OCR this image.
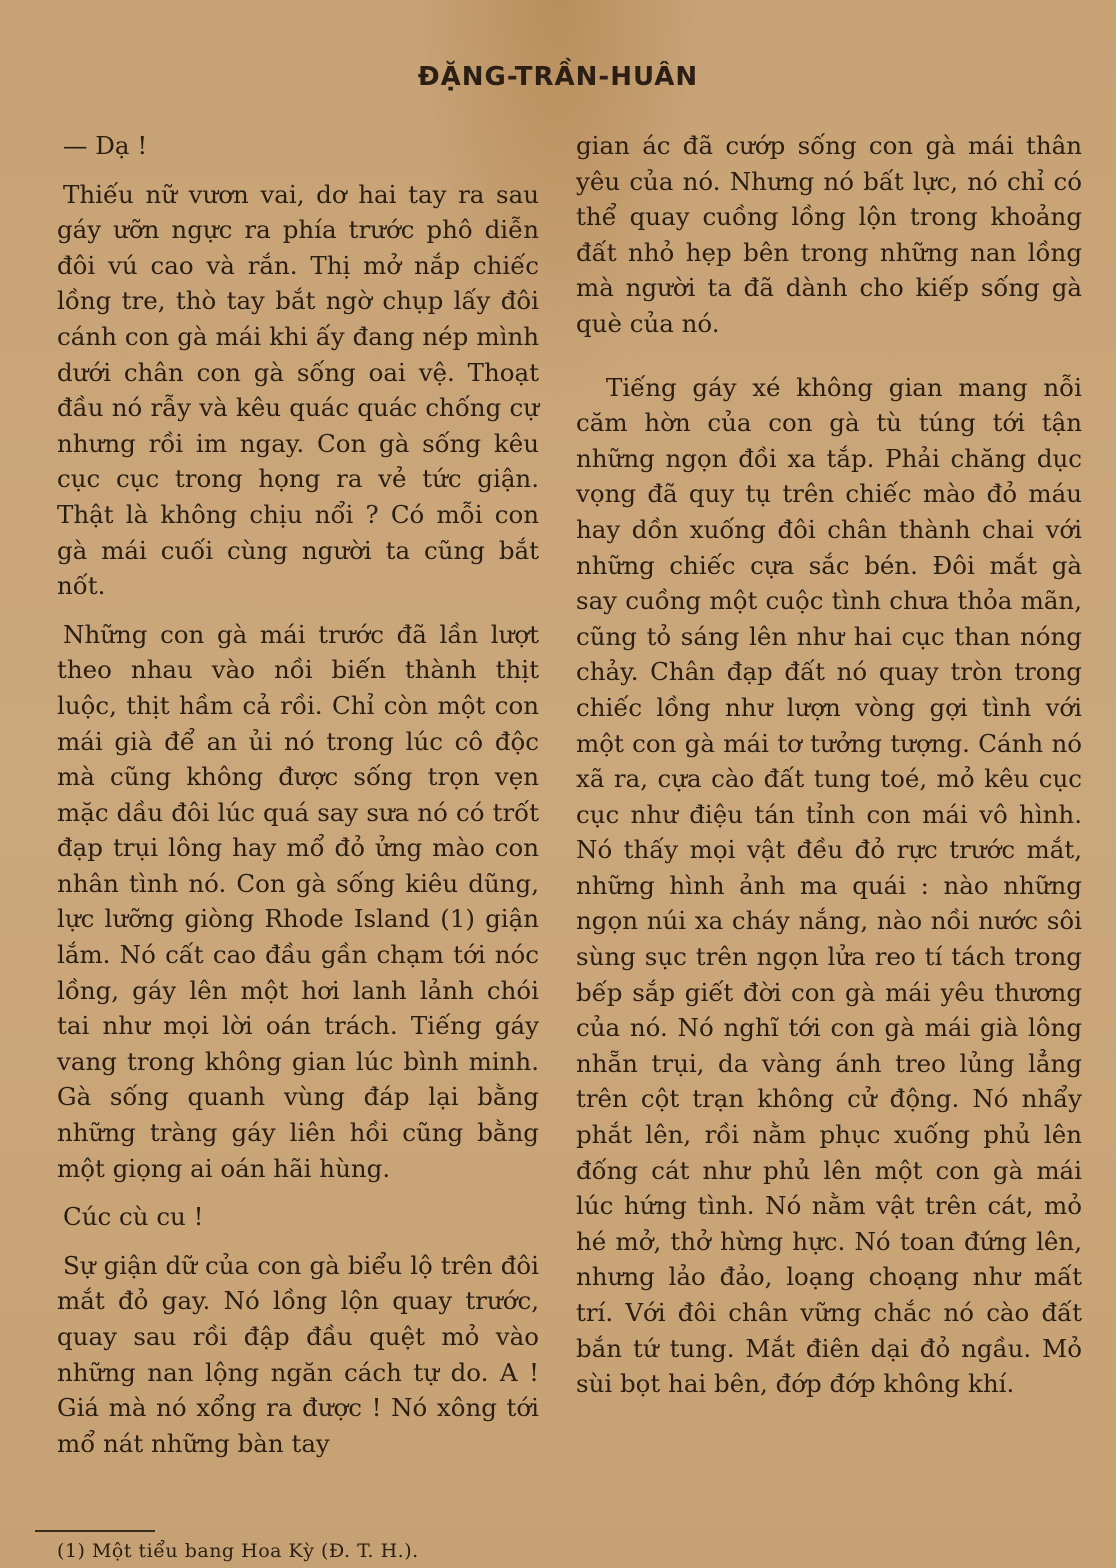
ĐẶNG-TRẦN-HUÂN

— Dạ !

Thiếu nữ vươn vai, dơ hai tay ra sau gáy ưỡn ngực ra phía trước phô diễn đôi vú cao và rắn. Thị mở nắp chiếc lồng tre, thò tay bắt ngờ chụp lấy đôi cánh con gà mái khi ấy đang nép mình dưới chân con gà sống oai vệ. Thoạt đầu nó rẫy và kêu quác quác chống cự nhưng rồi im ngay. Con gà sống kêu cục cục trong họng ra vẻ tức giận. Thật là không chịu nổi ? Có mỗi con gà mái cuối cùng người ta cũng bắt nốt.

Những con gà mái trước đã lần lượt theo nhau vào nồi biến thành thịt luộc, thịt hầm cả rồi. Chỉ còn một con mái già để an ủi nó trong lúc cô độc mà cũng không được sống trọn vẹn mặc dầu đôi lúc quá say sưa nó có trốt đạp trụi lông hay mổ đỏ ửng mào con nhân tình nó. Con gà sống kiêu dũng, lực lưỡng giòng Rhode Island (1) giận lắm. Nó cất cao đầu gần chạm tới nóc lồng, gáy lên một hơi lanh lảnh chói tai như mọi lời oán trách. Tiếng gáy vang trong không gian lúc bình minh. Gà sống quanh vùng đáp lại bằng những tràng gáy liên hồi cũng bằng một giọng ai oán hãi hùng.

Cúc cù cu !

Sự giận dữ của con gà biểu lộ trên đôi mắt đỏ gay. Nó lồng lộn quay trước, quay sau rồi đập đầu quệt mỏ vào những nan lộng ngăn cách tự do. A ! Giá mà nó xổng ra được ! Nó xông tới mổ nát những bàn tay

gian ác đã cướp sống con gà mái thân yêu của nó. Nhưng nó bất lực, nó chỉ có thể quay cuồng lồng lộn trong khoảng đất nhỏ hẹp bên trong những nan lồng mà người ta đã dành cho kiếp sống gà què của nó.

Tiếng gáy xé không gian mang nỗi căm hờn của con gà tù túng tới tận những ngọn đồi xa tắp. Phải chăng dục vọng đã quy tụ trên chiếc mào đỏ máu hay dồn xuống đôi chân thành chai với những chiếc cựa sắc bén. Đôi mắt gà say cuồng một cuộc tình chưa thỏa mãn, cũng tỏ sáng lên như hai cục than nóng chảy. Chân đạp đất nó quay tròn trong chiếc lồng như lượn vòng gợi tình với một con gà mái tơ tưởng tượng. Cánh nó xã ra, cựa cào đất tung toé, mỏ kêu cục cục như điệu tán tỉnh con mái vô hình. Nó thấy mọi vật đều đỏ rực trước mắt, những hình ảnh ma quái : nào những ngọn núi xa cháy nắng, nào nồi nước sôi sùng sục trên ngọn lửa reo tí tách trong bếp sắp giết đời con gà mái yêu thương của nó. Nó nghĩ tới con gà mái già lông nhẵn trụi, da vàng ánh treo lủng lẳng trên cột trạn không cử động. Nó nhẩy phắt lên, rồi nằm phục xuống phủ lên đống cát như phủ lên một con gà mái lúc hứng tình. Nó nằm vật trên cát, mỏ hé mở, thở hừng hực. Nó toan đứng lên, nhưng lảo đảo, loạng choạng như mất trí. Với đôi chân vững chắc nó cào đất bắn tứ tung. Mắt điên dại đỏ ngầu. Mỏ sùi bọt hai bên, đớp đớp không khí.

(1) Một tiểu bang Hoa Kỳ (Đ. T. H.).
